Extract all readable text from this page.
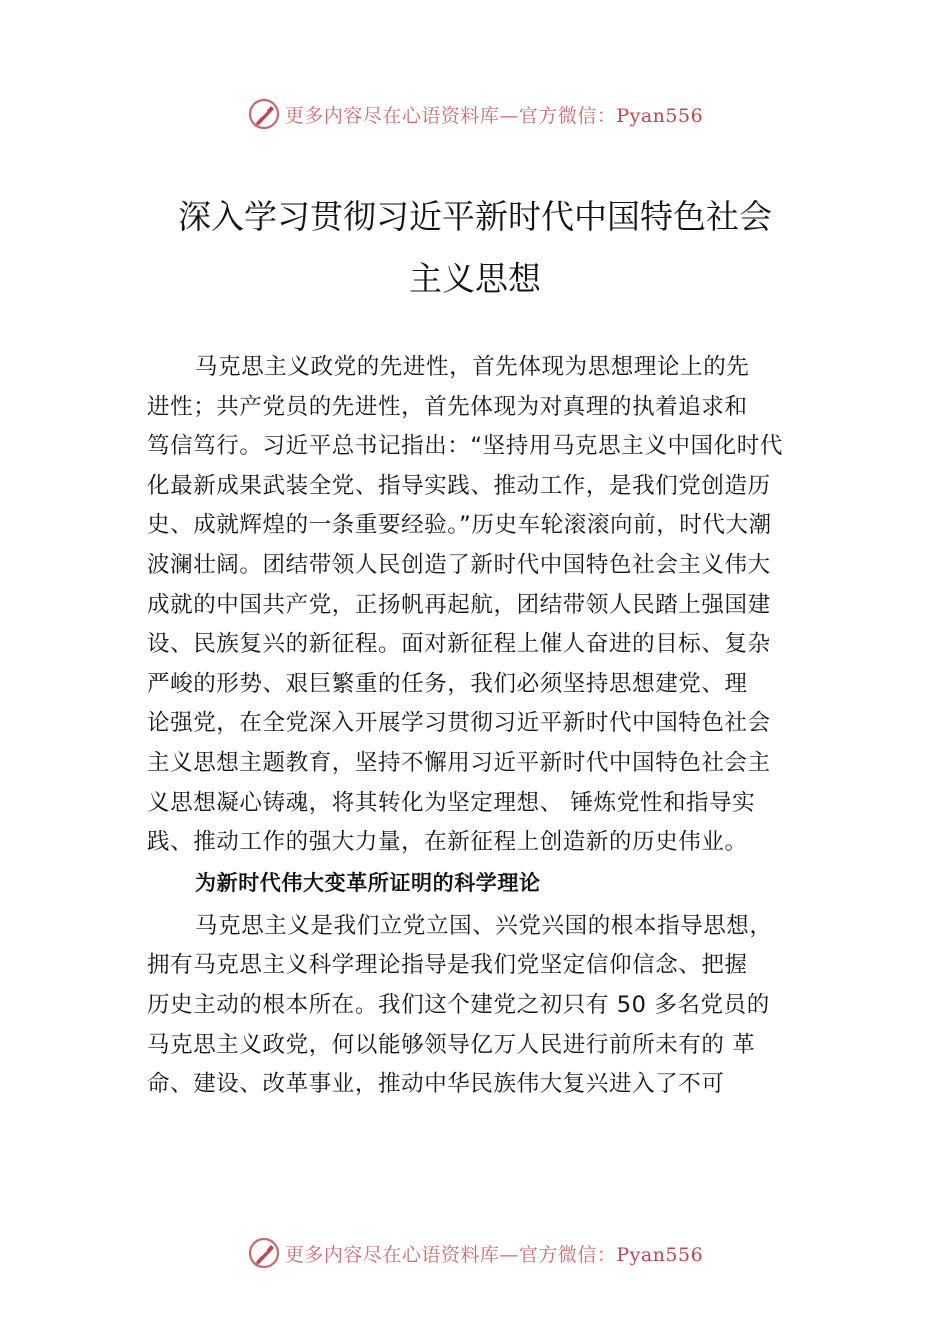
更多内容尽在心语资料库—官方微信：Pyan556
深入学习贯彻习近平新时代中国特色社会
主义思想
马克思主义政党的先进性，首先体现为思想理论上的先
进性；共产党员的先进性，首先体现为对真理的执着追求和
笃信笃行。习近平总书记指出：“坚持用马克思主义中国化时代
化最新成果武装全党、指导实践、推动工作，是我们党创造历
史、成就辉煌的一条重要经验。”历史车轮滚滚向前，时代大潮
波澜壮阔。团结带领人民创造了新时代中国特色社会主义伟大
成就的中国共产党，正扬帆再起航，团结带领人民踏上强国建
设、民族复兴的新征程。面对新征程上催人奋进的目标、复杂
严峻的形势、艰巨繁重的任务，我们必须坚持思想建党、理
论强党，在全党深入开展学习贯彻习近平新时代中国特色社会
主义思想主题教育，坚持不懈用习近平新时代中国特色社会主
义思想凝心铸魂，将其转化为坚定理想、 锤炼党性和指导实
践、推动工作的强大力量，在新征程上创造新的历史伟业。
为新时代伟大变革所证明的科学理论
马克思主义是我们立党立国、兴党兴国的根本指导思想，
拥有马克思主义科学理论指导是我们党坚定信仰信念、把握
历史主动的根本所在。我们这个建党之初只有 50 多名党员的
马克思主义政党，何以能够领导亿万人民进行前所未有的 革
命、建设、改革事业，推动中华民族伟大复兴进入了不可
更多内容尽在心语资料库—官方微信：Pyan556
